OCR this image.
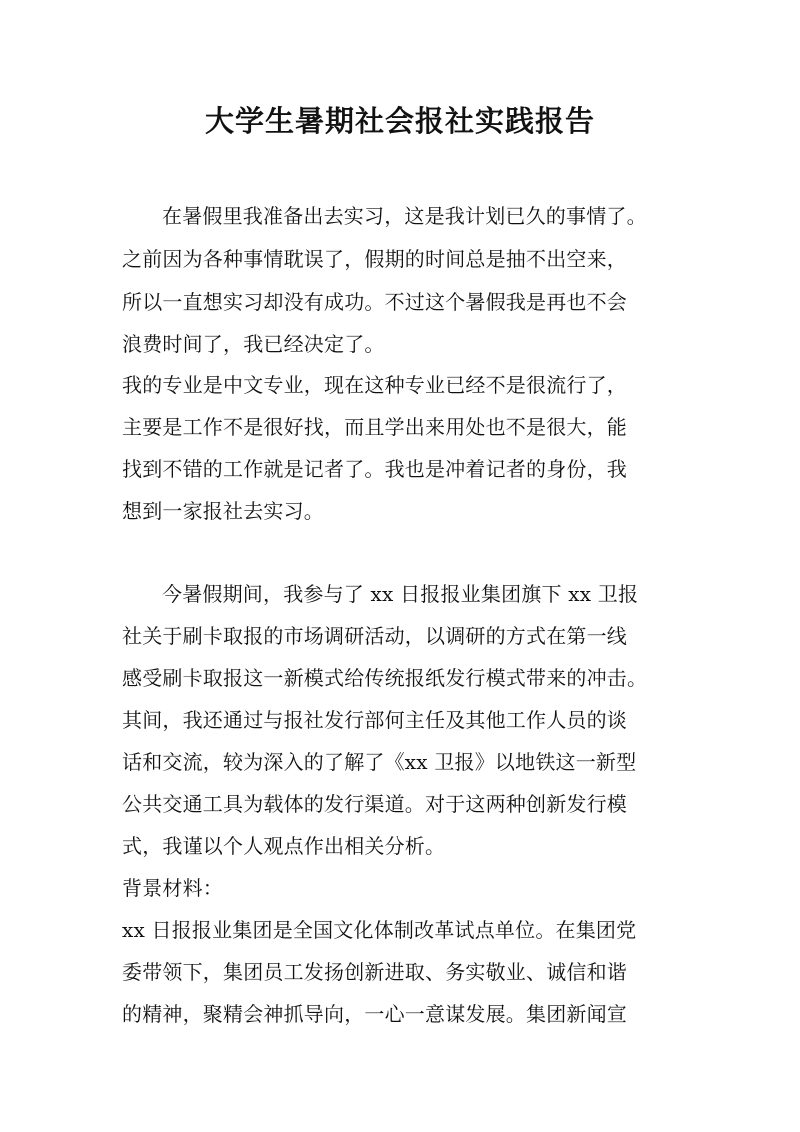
大学生暑期社会报社实践报告
在暑假里我准备出去实习，这是我计划已久的事情了。
之前因为各种事情耽误了，假期的时间总是抽不出空来，
所以一直想实习却没有成功。不过这个暑假我是再也不会
浪费时间了，我已经决定了。
我的专业是中文专业，现在这种专业已经不是很流行了，
主要是工作不是很好找，而且学出来用处也不是很大，能
找到不错的工作就是记者了。我也是冲着记者的身份，我
想到一家报社去实习。
今暑假期间，我参与了 xx 日报报业集团旗下 xx 卫报
社关于刷卡取报的市场调研活动，以调研的方式在第一线
感受刷卡取报这一新模式给传统报纸发行模式带来的冲击。
其间，我还通过与报社发行部何主任及其他工作人员的谈
话和交流，较为深入的了解了《xx 卫报》以地铁这一新型
公共交通工具为载体的发行渠道。对于这两种创新发行模
式，我谨以个人观点作出相关分析。
背景材料：
xx 日报报业集团是全国文化体制改革试点单位。在集团党
委带领下，集团员工发扬创新进取、务实敬业、诚信和谐
的精神，聚精会神抓导向，一心一意谋发展。集团新闻宣
